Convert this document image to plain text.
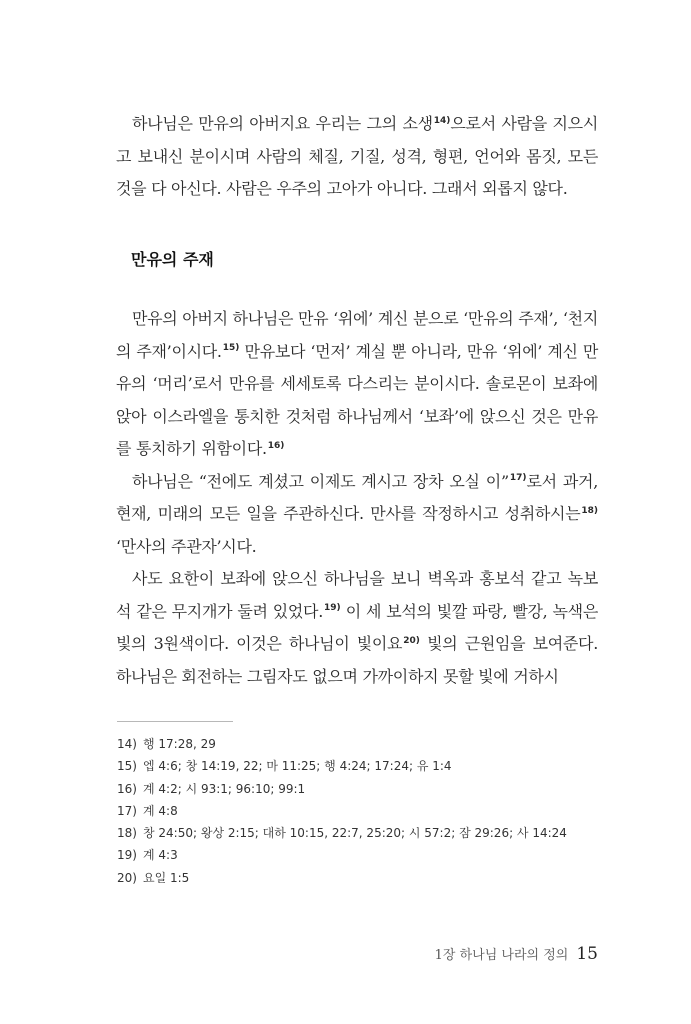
하나님은 만유의 아버지요 우리는 그의 소생$^{14)}$으로서 사람을 지으시고 보내신 분이시며 사람의 체질, 기질, 성격, 형편, 언어와 몸짓, 모든 것을 다 아신다. 사람은 우주의 고아가 아니다. 그래서 외롭지 않다.

만유의 주재

만유의 아버지 하나님은 만유 ‘위에’ 계신 분으로 ‘만유의 주재’, ‘천지의 주재’이시다.$^{15)}$ 만유보다 ‘먼저’ 계실 뿐 아니라, 만유 ‘위에’ 계신 만유의 ‘머리’로서 만유를 세세토록 다스리는 분이시다. 솔로몬이 보좌에 앉아 이스라엘을 통치한 것처럼 하나님께서 ‘보좌’에 앉으신 것은 만유를 통치하기 위함이다.$^{16)}$

하나님은 “전에도 계셨고 이제도 계시고 장차 오실 이”$^{17)}$로서 과거, 현재, 미래의 모든 일을 주관하신다. 만사를 작정하시고 성취하시는$^{18)}$ ‘만사의 주관자’시다.

사도 요한이 보좌에 앉으신 하나님을 보니 벽옥과 홍보석 같고 녹보석 같은 무지개가 둘려 있었다.$^{19)}$ 이 세 보석의 빛깔 파랑, 빨강, 녹색은 빛의 3원색이다. 이것은 하나님이 빛이요$^{20)}$ 빛의 근원임을 보여준다. 하나님은 회전하는 그림자도 없으며 가까이하지 못할 빛에 거하시

14) 행 17:28, 29
15) 엡 4:6; 창 14:19, 22; 마 11:25; 행 4:24; 17:24; 유 1:4
16) 계 4:2; 시 93:1; 96:10; 99:1
17) 계 4:8
18) 창 24:50; 왕상 2:15; 대하 10:15, 22:7, 25:20; 시 57:2; 잠 29:26; 사 14:24
19) 계 4:3
20) 요일 1:5
1장 하나님 나라의 정의 15
